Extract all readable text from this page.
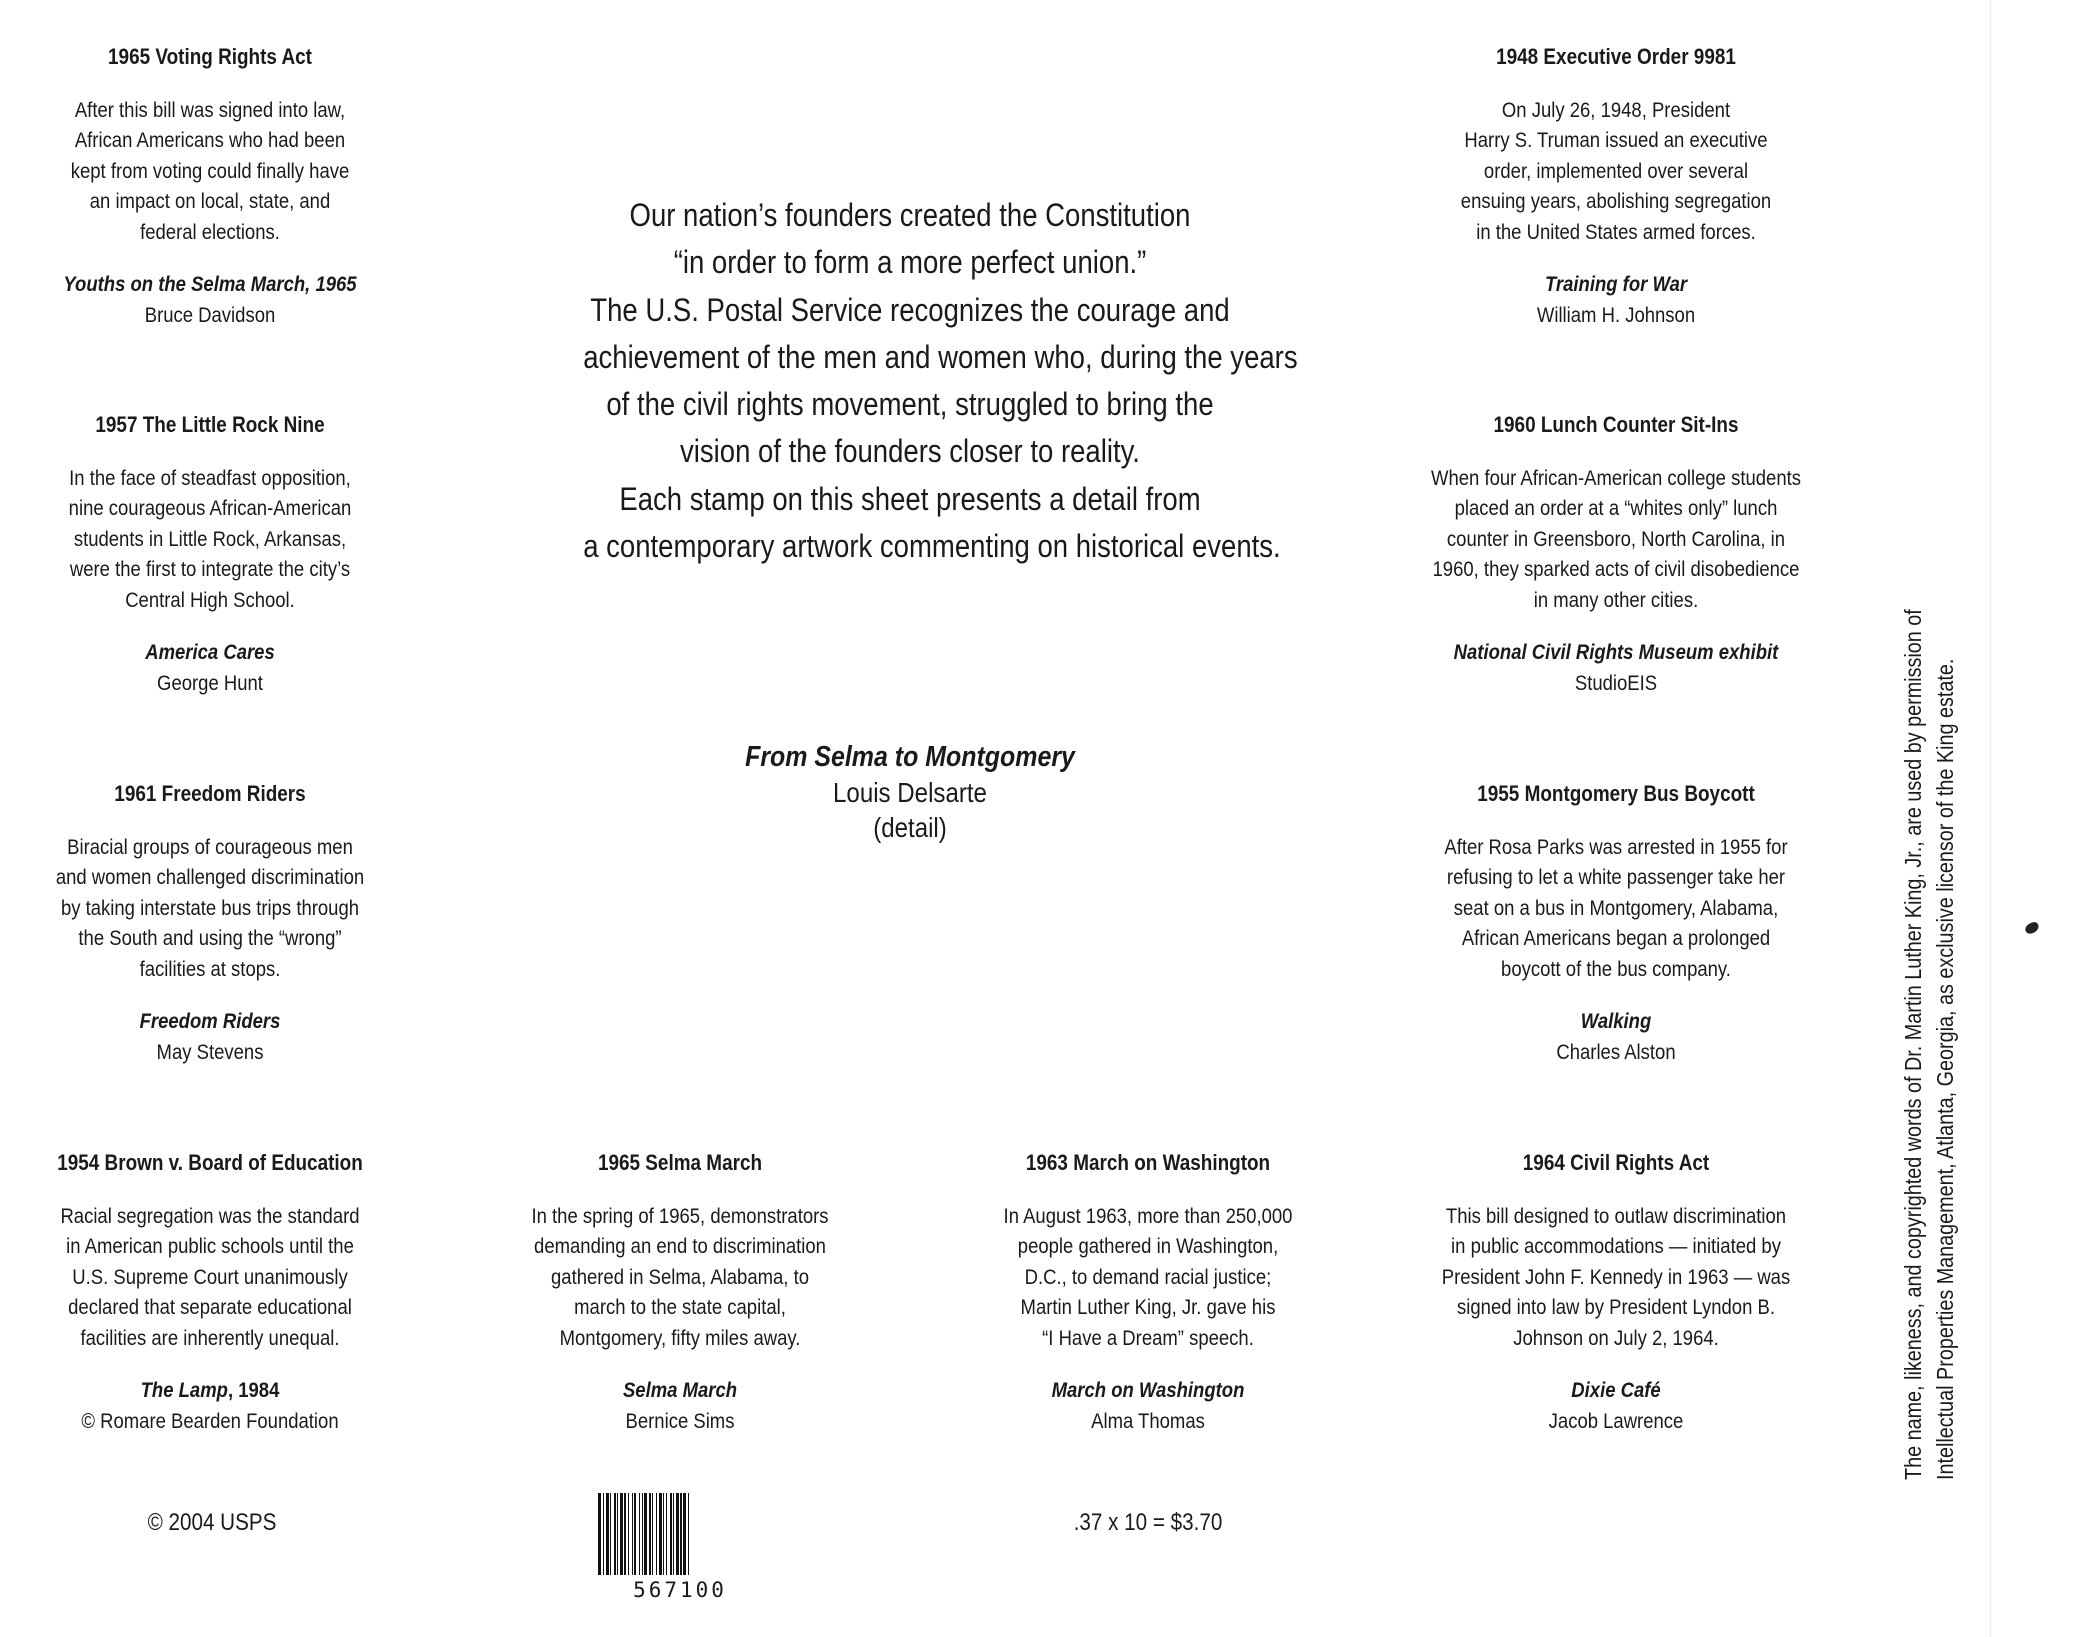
1965 Voting Rights Act
After this bill was signed into law,
African Americans who had been
kept from voting could finally have
an impact on local, state, and
federal elections.
Youths on the Selma March, 1965
Bruce Davidson
1957 The Little Rock Nine
In the face of steadfast opposition,
nine courageous African-American
students in Little Rock, Arkansas,
were the first to integrate the city’s
Central High School.
America Cares
George Hunt
1961 Freedom Riders
Biracial groups of courageous men
and women challenged discrimination
by taking interstate bus trips through
the South and using the “wrong”
facilities at stops.
Freedom Riders
May Stevens
1954 Brown v. Board of Education
Racial segregation was the standard
in American public schools until the
U.S. Supreme Court unanimously
declared that separate educational
facilities are inherently unequal.
The Lamp, 1984
© Romare Bearden Foundation
Our nation’s founders created the Constitution
“in order to form a more perfect union.”
The U.S. Postal Service recognizes the courage and
achievement of the men and women who, during the years
of the civil rights movement, struggled to bring the
vision of the founders closer to reality.
Each stamp on this sheet presents a detail from
a contemporary artwork commenting on historical events.
From Selma to Montgomery
Louis Delsarte
(detail)
1965 Selma March
In the spring of 1965, demonstrators
demanding an end to discrimination
gathered in Selma, Alabama, to
march to the state capital,
Montgomery, fifty miles away.
Selma March
Bernice Sims
1963 March on Washington
In August 1963, more than 250,000
people gathered in Washington,
D.C., to demand racial justice;
Martin Luther King, Jr. gave his
“I Have a Dream” speech.
March on Washington
Alma Thomas
1948 Executive Order 9981
On July 26, 1948, President
Harry S. Truman issued an executive
order, implemented over several
ensuing years, abolishing segregation
in the United States armed forces.
Training for War
William H. Johnson
1960 Lunch Counter Sit-Ins
When four African-American college students
placed an order at a “whites only” lunch
counter in Greensboro, North Carolina, in
1960, they sparked acts of civil disobedience
in many other cities.
National Civil Rights Museum exhibit
StudioEIS
1955 Montgomery Bus Boycott
After Rosa Parks was arrested in 1955 for
refusing to let a white passenger take her
seat on a bus in Montgomery, Alabama,
African Americans began a prolonged
boycott of the bus company.
Walking
Charles Alston
1964 Civil Rights Act
This bill designed to outlaw discrimination
in public accommodations — initiated by
President John F. Kennedy in 1963 — was
signed into law by President Lyndon B.
Johnson on July 2, 1964.
Dixie Café
Jacob Lawrence
© 2004 USPS
567100
.37 x 10 = $3.70
The name, likeness, and copyrighted words of Dr. Martin Luther King, Jr., are used by permission of Intellectual Properties Management, Atlanta, Georgia, as exclusive licensor of the King estate.
